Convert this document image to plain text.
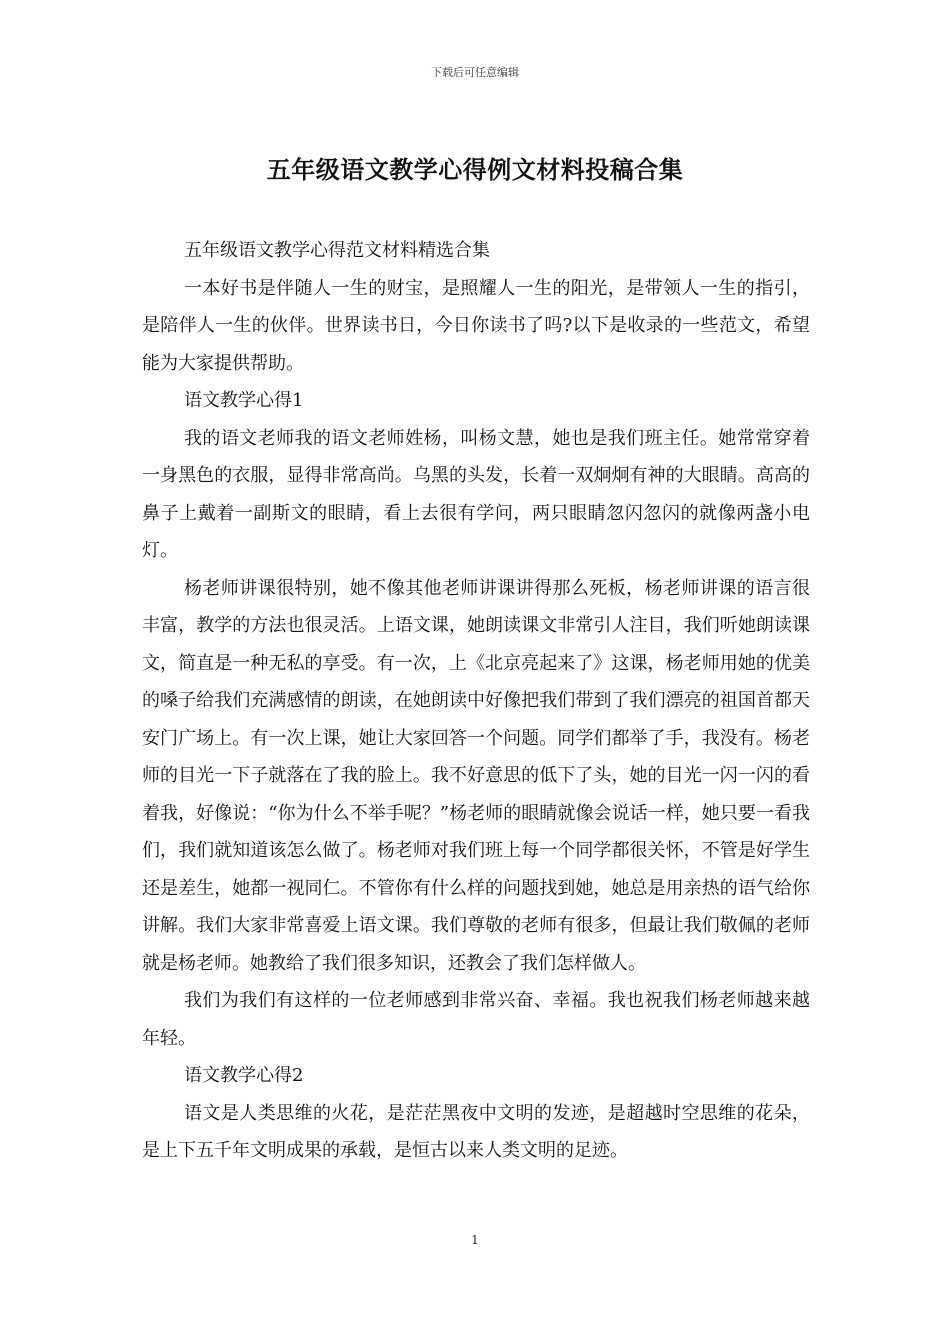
下载后可任意编辑
五年级语文教学心得例文材料投稿合集

五年级语文教学心得范文材料精选合集

一本好书是伴随人一生的财宝，是照耀人一生的阳光，是带领人一生的指引，是陪伴人一生的伙伴。世界读书日，今日你读书了吗?以下是收录的一些范文，希望能为大家提供帮助。

语文教学心得1

我的语文老师我的语文老师姓杨，叫杨文慧，她也是我们班主任。她常常穿着一身黑色的衣服，显得非常高尚。乌黑的头发，长着一双炯炯有神的大眼睛。高高的鼻子上戴着一副斯文的眼睛，看上去很有学问，两只眼睛忽闪忽闪的就像两盏小电灯。

杨老师讲课很特别，她不像其他老师讲课讲得那么死板，杨老师讲课的语言很丰富，教学的方法也很灵活。上语文课，她朗读课文非常引人注目，我们听她朗读课文，简直是一种无私的享受。有一次，上《北京亮起来了》这课，杨老师用她的优美的嗓子给我们充满感情的朗读，在她朗读中好像把我们带到了我们漂亮的祖国首都天安门广场上。有一次上课，她让大家回答一个问题。同学们都举了手，我没有。杨老师的目光一下子就落在了我的脸上。我不好意思的低下了头，她的目光一闪一闪的看着我，好像说：“你为什么不举手呢？”杨老师的眼睛就像会说话一样，她只要一看我们，我们就知道该怎么做了。杨老师对我们班上每一个同学都很关怀，不管是好学生还是差生，她都一视同仁。不管你有什么样的问题找到她，她总是用亲热的语气给你讲解。我们大家非常喜爱上语文课。我们尊敬的老师有很多，但最让我们敬佩的老师就是杨老师。她教给了我们很多知识，还教会了我们怎样做人。

我们为我们有这样的一位老师感到非常兴奋、幸福。我也祝我们杨老师越来越年轻。

语文教学心得2

语文是人类思维的火花，是茫茫黑夜中文明的发迹，是超越时空思维的花朵，是上下五千年文明成果的承载，是恒古以来人类文明的足迹。

1
